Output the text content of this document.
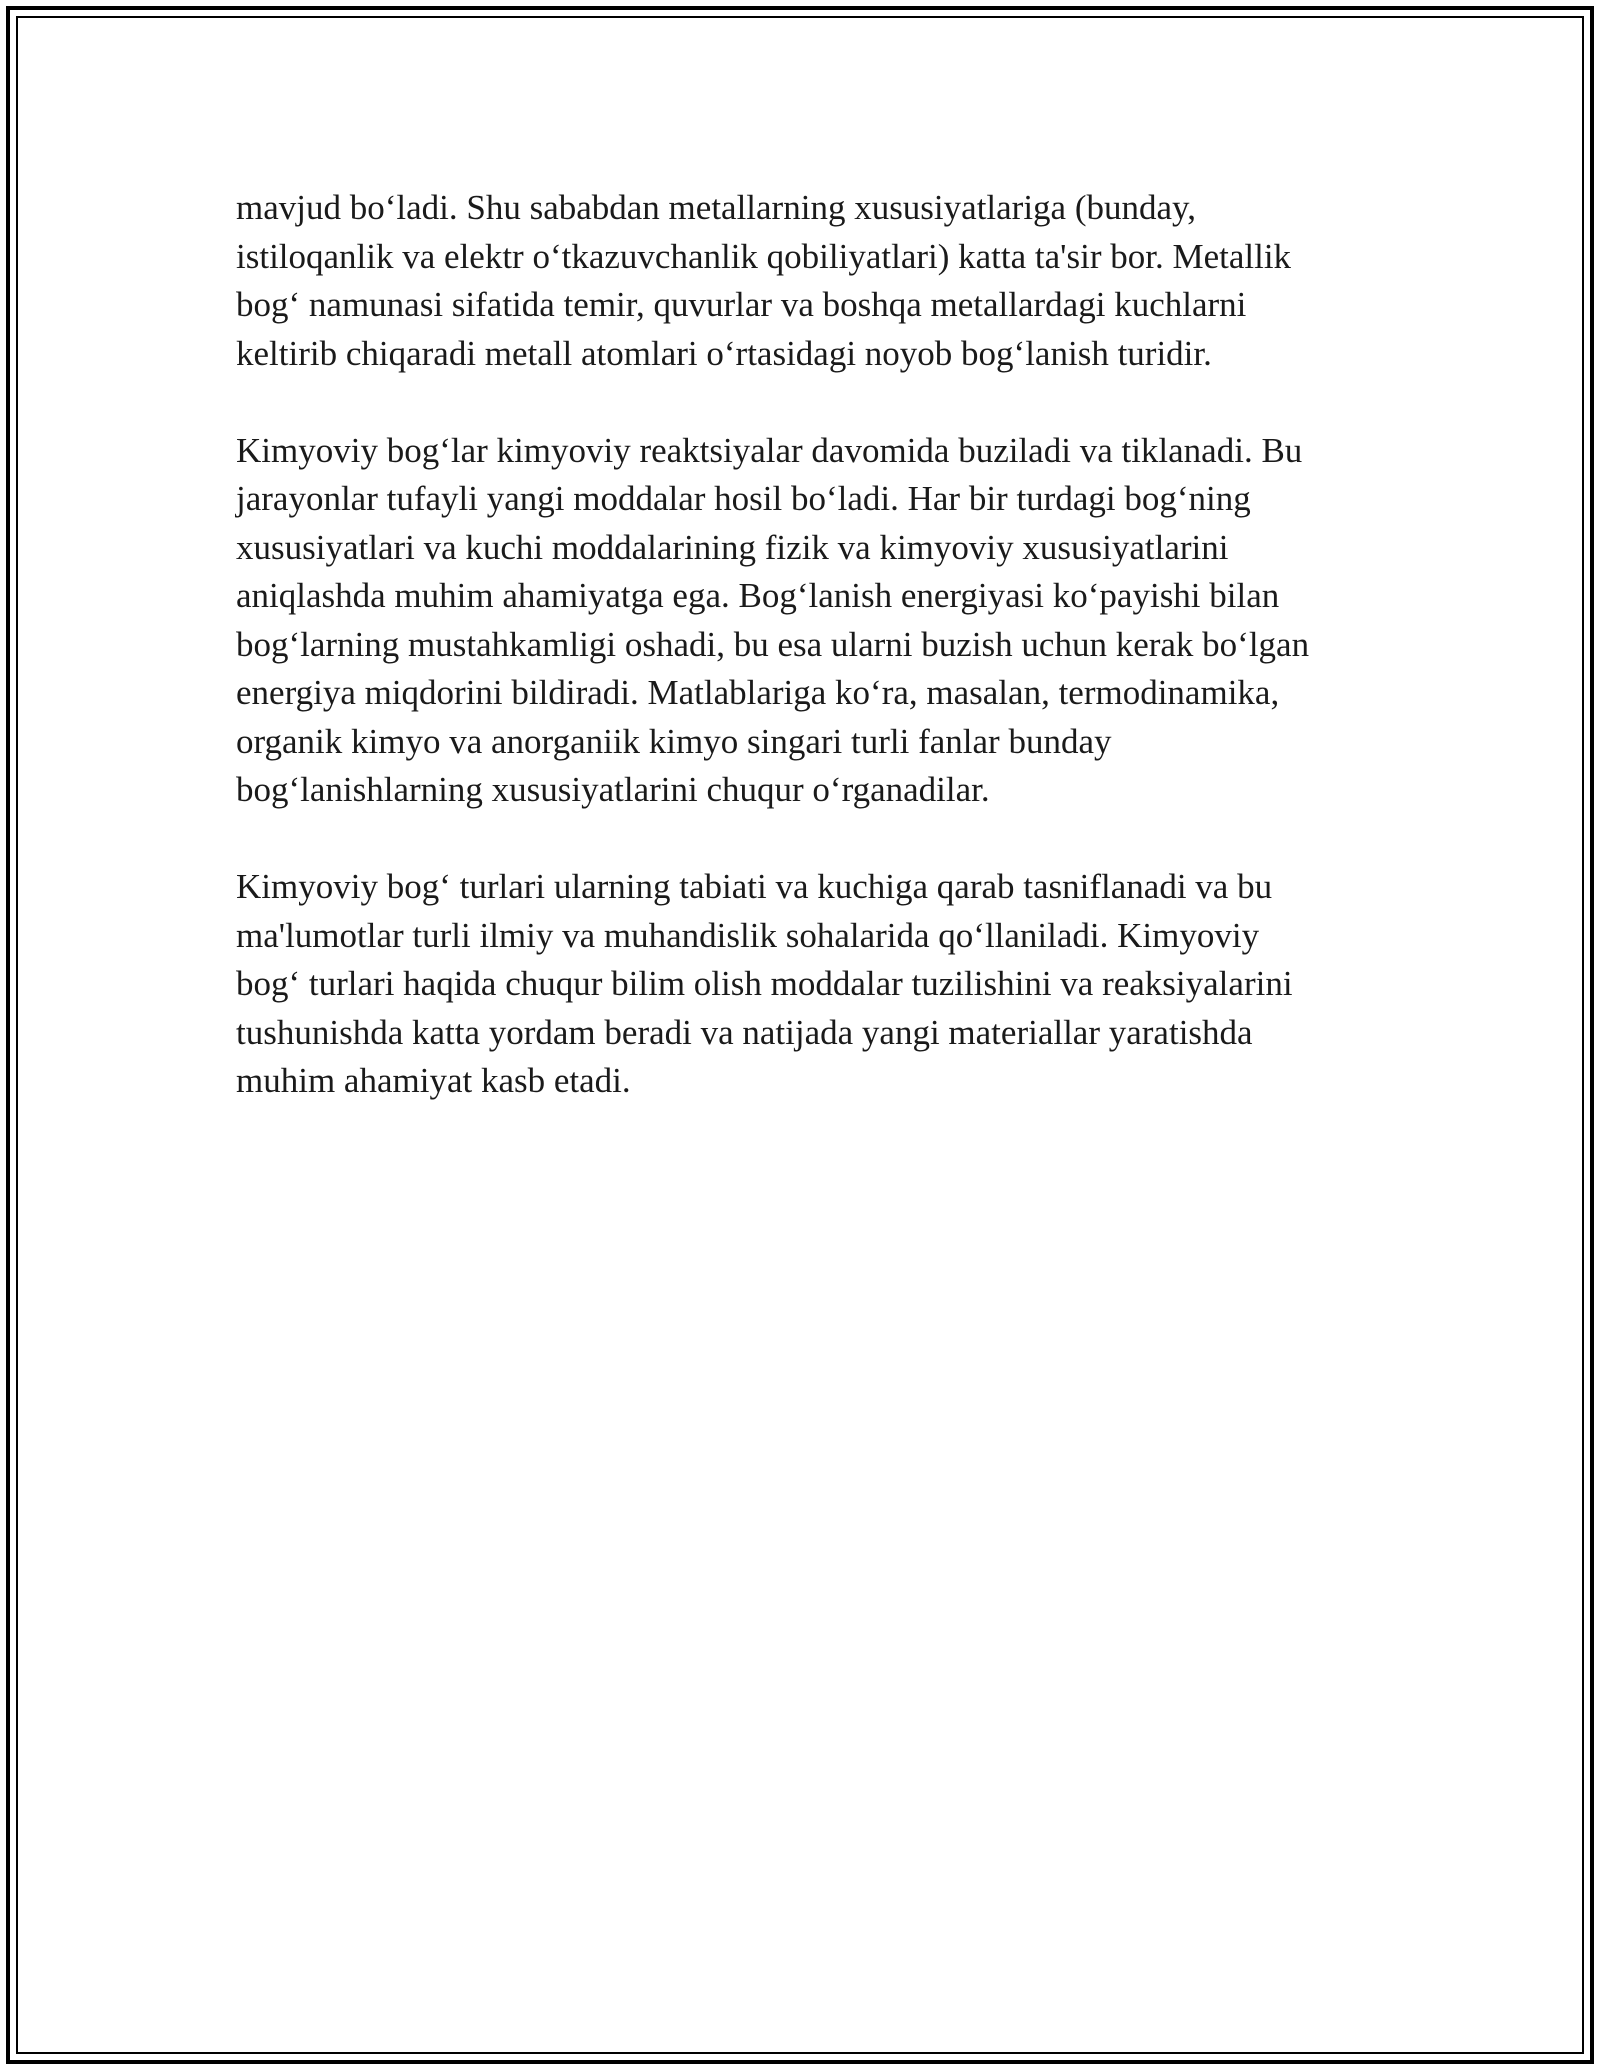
mavjud bo‘ladi. Shu sababdan metallarning xususiyatlariga (bunday,
istiloqanlik va elektr o‘tkazuvchanlik qobiliyatlari) katta ta'sir bor. Metallik
bog‘ namunasi sifatida temir, quvurlar va boshqa metallardagi kuchlarni
keltirib chiqaradi metall atomlari o‘rtasidagi noyob bog‘lanish turidir.

Kimyoviy bog‘lar kimyoviy reaktsiyalar davomida buziladi va tiklanadi. Bu
jarayonlar tufayli yangi moddalar hosil bo‘ladi. Har bir turdagi bog‘ning
xususiyatlari va kuchi moddalarining fizik va kimyoviy xususiyatlarini
aniqlashda muhim ahamiyatga ega. Bog‘lanish energiyasi ko‘payishi bilan
bog‘larning mustahkamligi oshadi, bu esa ularni buzish uchun kerak bo‘lgan
energiya miqdorini bildiradi. Matlablariga ko‘ra, masalan, termodinamika,
organik kimyo va anorganiik kimyo singari turli fanlar bunday
bog‘lanishlarning xususiyatlarini chuqur o‘rganadilar.

Kimyoviy bog‘ turlari ularning tabiati va kuchiga qarab tasniflanadi va bu
ma'lumotlar turli ilmiy va muhandislik sohalarida qo‘llaniladi. Kimyoviy
bog‘ turlari haqida chuqur bilim olish moddalar tuzilishini va reaksiyalarini
tushunishda katta yordam beradi va natijada yangi materiallar yaratishda
muhim ahamiyat kasb etadi.
